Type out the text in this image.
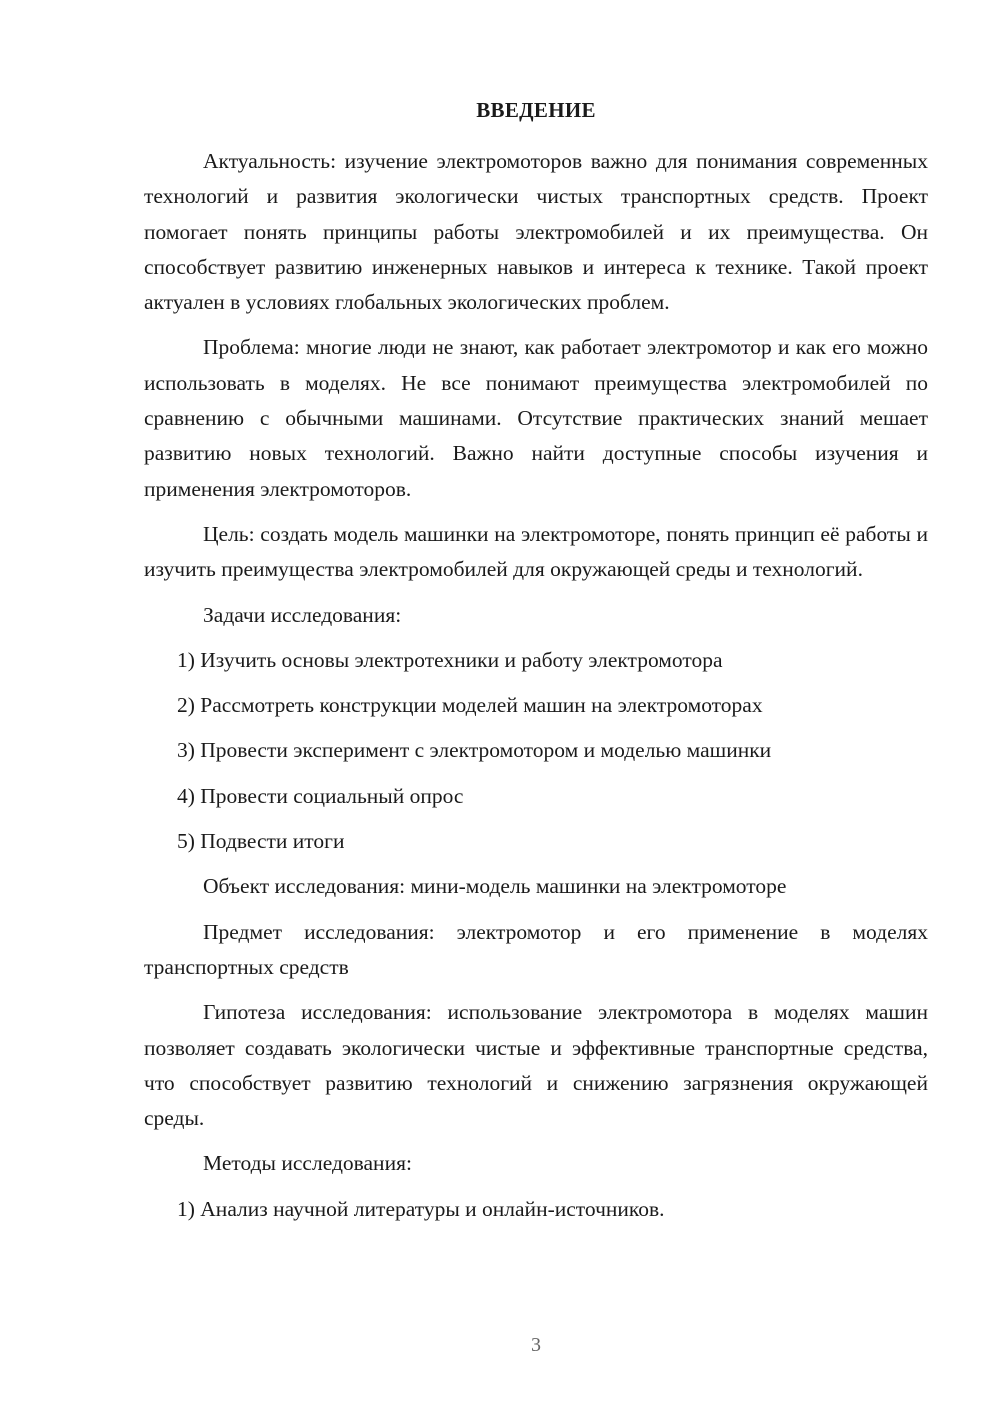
ВВЕДЕНИЕ

Актуальность: изучение электромоторов важно для понимания современных технологий и развития экологически чистых транспортных средств. Проект помогает понять принципы работы электромобилей и их преимущества. Он способствует развитию инженерных навыков и интереса к технике. Такой проект актуален в условиях глобальных экологических проблем.

Проблема: многие люди не знают, как работает электромотор и как его можно использовать в моделях. Не все понимают преимущества электромобилей по сравнению с обычными машинами. Отсутствие практических знаний мешает развитию новых технологий. Важно найти доступные способы изучения и применения электромоторов.

Цель: создать модель машинки на электромоторе, понять принцип её работы и изучить преимущества электромобилей для окружающей среды и технологий.

Задачи исследования:

1) Изучить основы электротехники и работу электромотора
2) Рассмотреть конструкции моделей машин на электромоторах
3) Провести эксперимент с электромотором и моделью машинки
4) Провести социальный опрос
5) Подвести итоги

Объект исследования: мини-модель машинки на электромоторе

Предмет исследования: электромотор и его применение в моделях транспортных средств

Гипотеза исследования: использование электромотора в моделях машин позволяет создавать экологически чистые и эффективные транспортные средства, что способствует развитию технологий и снижению загрязнения окружающей среды.

Методы исследования:

1) Анализ научной литературы и онлайн-источников.
3
